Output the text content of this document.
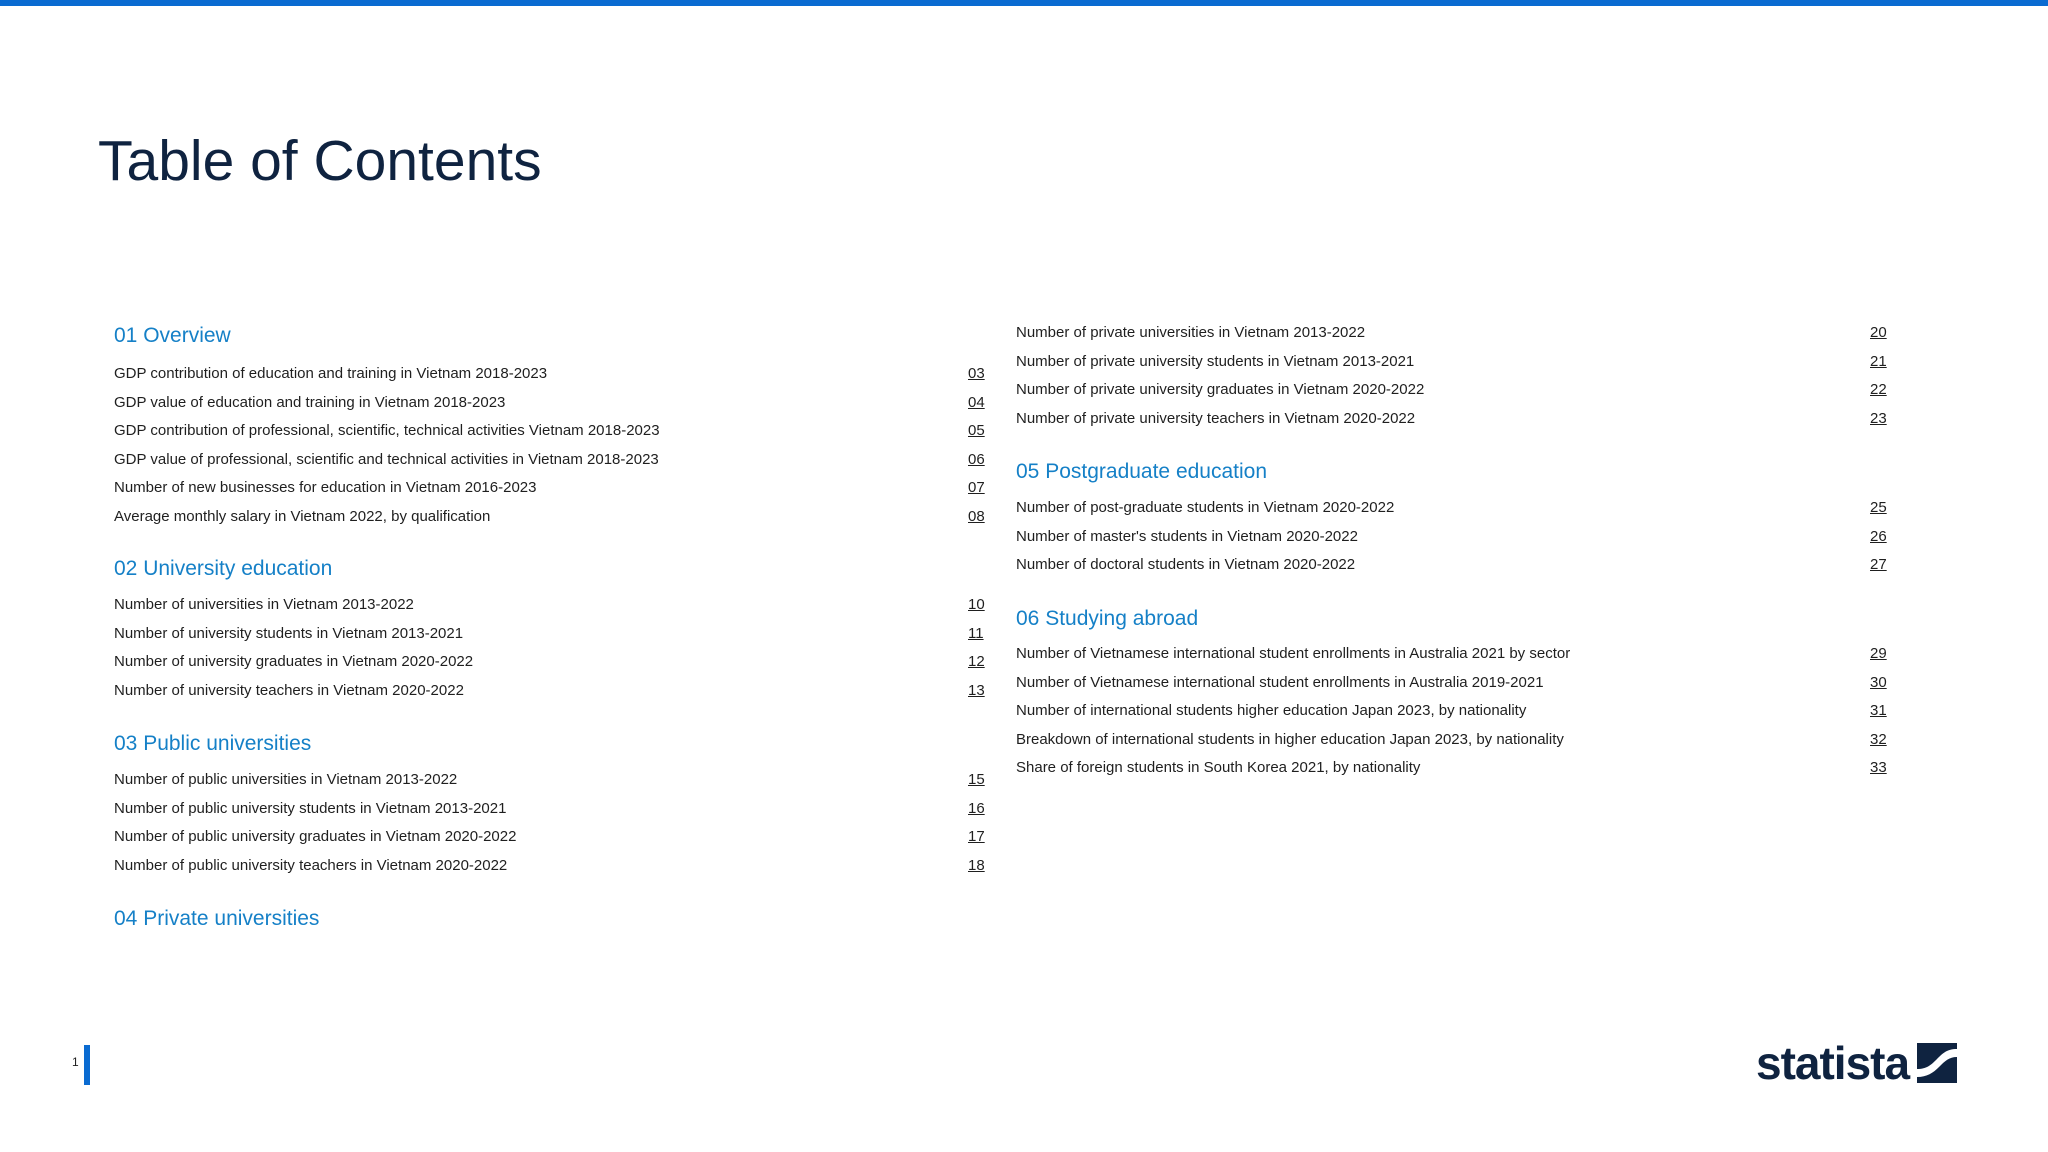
Table of Contents
01 Overview
GDP contribution of education and training in Vietnam 2018-2023	03
GDP value of education and training in Vietnam 2018-2023	04
GDP contribution of professional, scientific, technical activities Vietnam 2018-2023	05
GDP value of professional, scientific and technical activities in Vietnam 2018-2023	06
Number of new businesses for education in Vietnam 2016-2023	07
Average monthly salary in Vietnam 2022, by qualification	08
02 University education
Number of universities in Vietnam 2013-2022	10
Number of university students in Vietnam 2013-2021	11
Number of university graduates in Vietnam 2020-2022	12
Number of university teachers in Vietnam 2020-2022	13
03 Public universities
Number of public universities in Vietnam 2013-2022	15
Number of public university students in Vietnam 2013-2021	16
Number of public university graduates in Vietnam 2020-2022	17
Number of public university teachers in Vietnam 2020-2022	18
04 Private universities
Number of private universities in Vietnam 2013-2022	20
Number of private university students in Vietnam 2013-2021	21
Number of private university graduates in Vietnam 2020-2022	22
Number of private university teachers in Vietnam 2020-2022	23
05 Postgraduate education
Number of post-graduate students in Vietnam 2020-2022	25
Number of master's students in Vietnam 2020-2022	26
Number of doctoral students in Vietnam 2020-2022	27
06 Studying abroad
Number of Vietnamese international student enrollments in Australia 2021 by sector	29
Number of Vietnamese international student enrollments in Australia 2019-2021	30
Number of international students higher education Japan 2023, by nationality	31
Breakdown of international students in higher education Japan 2023, by nationality	32
Share of foreign students in South Korea 2021, by nationality	33
1	statista
